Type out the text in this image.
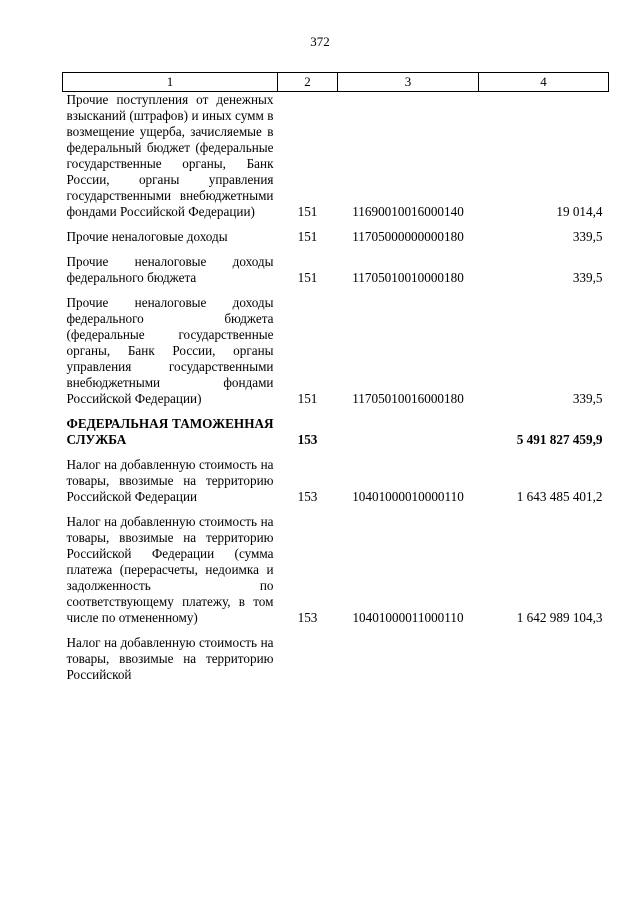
372
1	2	3	4
Прочие поступления от денежных взысканий (штрафов) и иных сумм в возмещение ущерба, зачисляемые в федеральный бюджет (федеральные государственные органы, Банк России, органы управления государственными внебюджетными фондами Российской Федерации)	151	11690010016000140	19 014,4
Прочие неналоговые доходы	151	11705000000000180	339,5
Прочие неналоговые доходы федерального бюджета	151	11705010010000180	339,5
Прочие неналоговые доходы федерального бюджета (федеральные государственные органы, Банк России, органы управления государственными внебюджетными фондами Российской Федерации)	151	11705010016000180	339,5
ФЕДЕРАЛЬНАЯ ТАМОЖЕННАЯ СЛУЖБА	153		5 491 827 459,9
Налог на добавленную стоимость на товары, ввозимые на территорию Российской Федерации	153	10401000010000110	1 643 485 401,2
Налог на добавленную стоимость на товары, ввозимые на территорию Российской Федерации (сумма платежа (перерасчеты, недоимка и задолженность по соответствующему платежу, в том числе по отмененному)	153	10401000011000110	1 642 989 104,3
Налог на добавленную стоимость на товары, ввозимые на территорию Российской			
